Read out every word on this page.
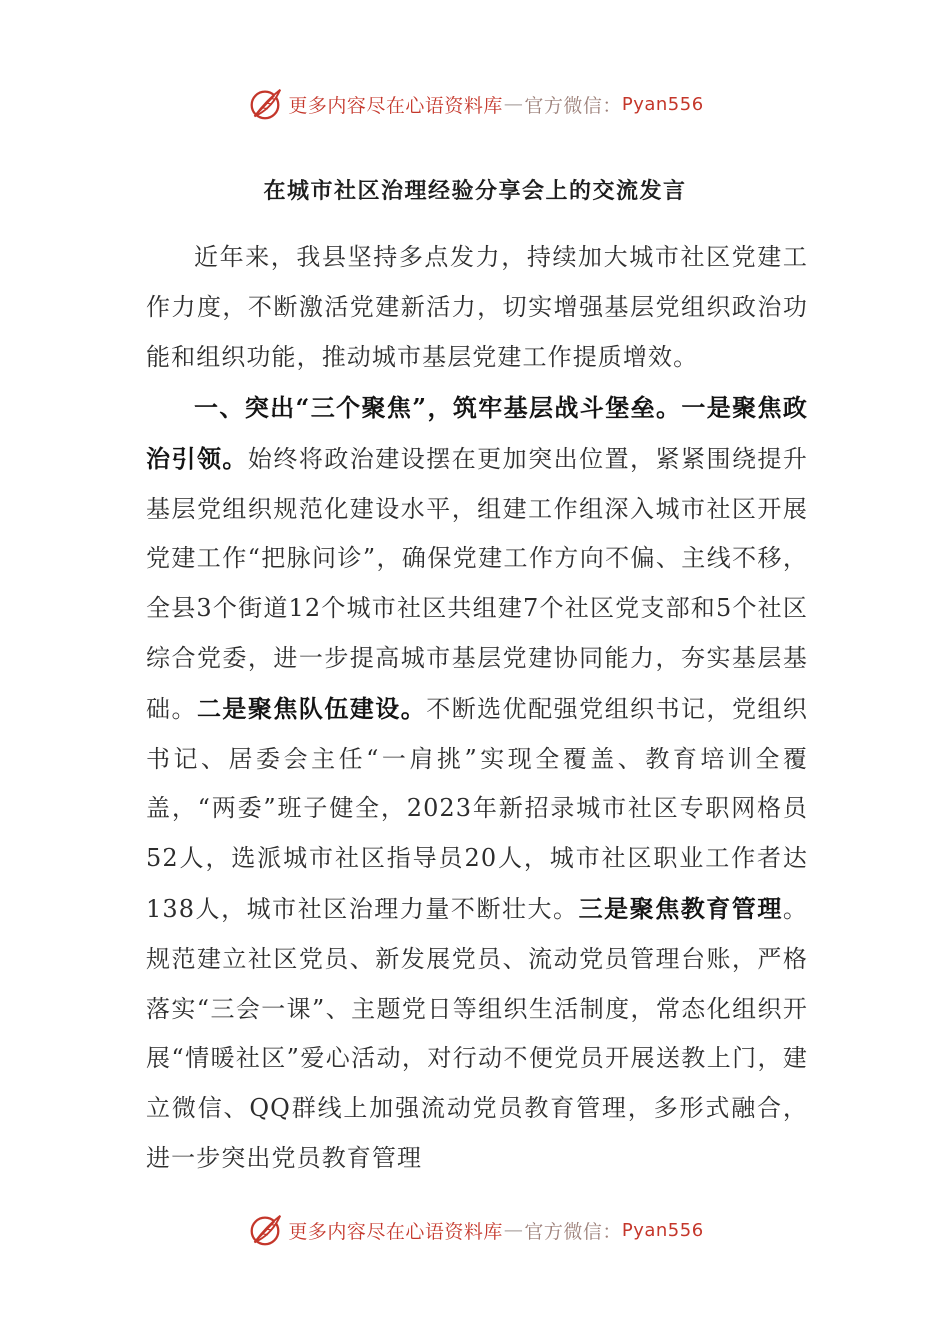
更多内容尽在心语资料库 — 官方微信： Pyan556
在城市社区治理经验分享会上的交流发言

近年来，我县坚持多点发力，持续加大城市社区党建工作力度，不断激活党建新活力，切实增强基层党组织政治功能和组织功能，推动城市基层党建工作提质增效。

一、突出“三个聚焦”，筑牢基层战斗堡垒。一是聚焦政治引领。始终将政治建设摆在更加突出位置，紧紧围绕提升基层党组织规范化建设水平，组建工作组深入城市社区开展党建工作“把脉问诊”，确保党建工作方向不偏、主线不移，全县3个街道12个城市社区共组建7个社区党支部和5个社区综合党委，进一步提高城市基层党建协同能力，夯实基层基础。二是聚焦队伍建设。不断选优配强党组织书记，党组织书记、居委会主任“一肩挑”实现全覆盖、教育培训全覆盖，“两委”班子健全，2023年新招录城市社区专职网格员52人，选派城市社区指导员20人，城市社区职业工作者达138人，城市社区治理力量不断壮大。三是聚焦教育管理。规范建立社区党员、新发展党员、流动党员管理台账，严格落实“三会一课”、主题党日等组织生活制度，常态化组织开展“情暖社区”爱心活动，对行动不便党员开展送教上门，建立微信、QQ群线上加强流动党员教育管理，多形式融合，进一步突出党员教育管理

更多内容尽在心语资料库 — 官方微信： Pyan556
